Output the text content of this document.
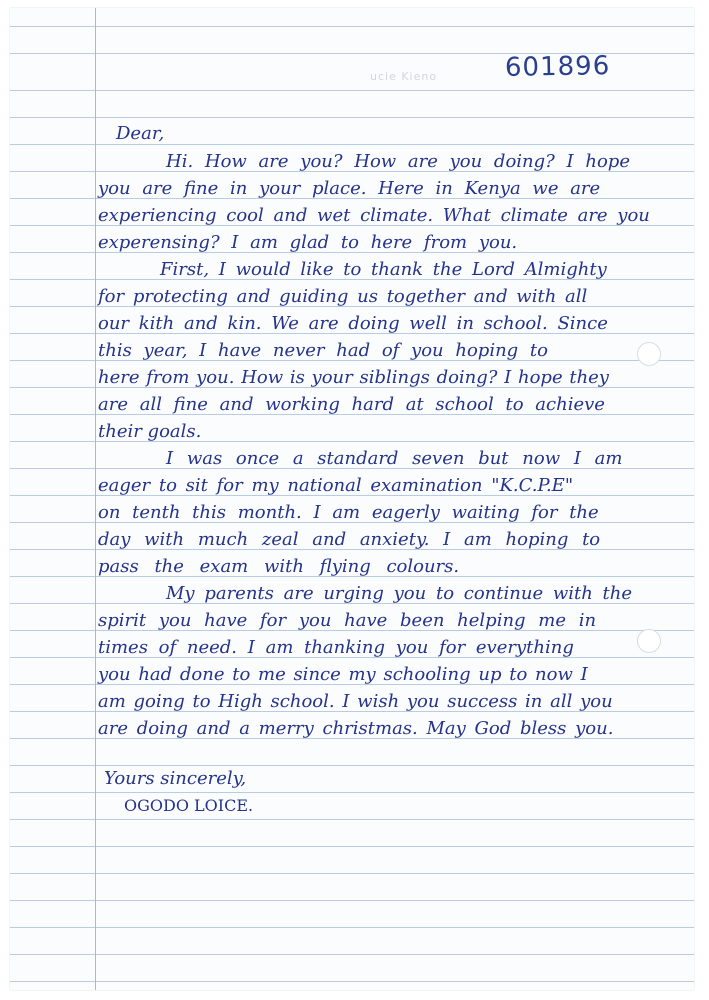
ucie Kieno	601896
Dear,
Hi. How are you? How are you doing? I hope
you are fine in your place. Here in Kenya we are
experiencing cool and wet climate. What climate are you
experensing? I am glad to here from you.
First, I would like to thank the Lord Almighty
for protecting and guiding us together and with all
our kith and kin. We are doing well in school. Since
this year, I have never had of you hoping to
here from you. How is your siblings doing? I hope they
are all fine and working hard at school to achieve
their goals.
I was once a standard seven but now I am
eager to sit for my national examination "K.C.P.E"
on tenth this month. I am eagerly waiting for the
day with much zeal and anxiety. I am hoping to
pass the exam with flying colours.
My parents are urging you to continue with the
spirit you have for you have been helping me in
times of need. I am thanking you for everything
you had done to me since my schooling up to now I
am going to High school. I wish you success in all you
are doing and a merry christmas. May God bless you.
Yours sincerely,
OGODO LOICE.
